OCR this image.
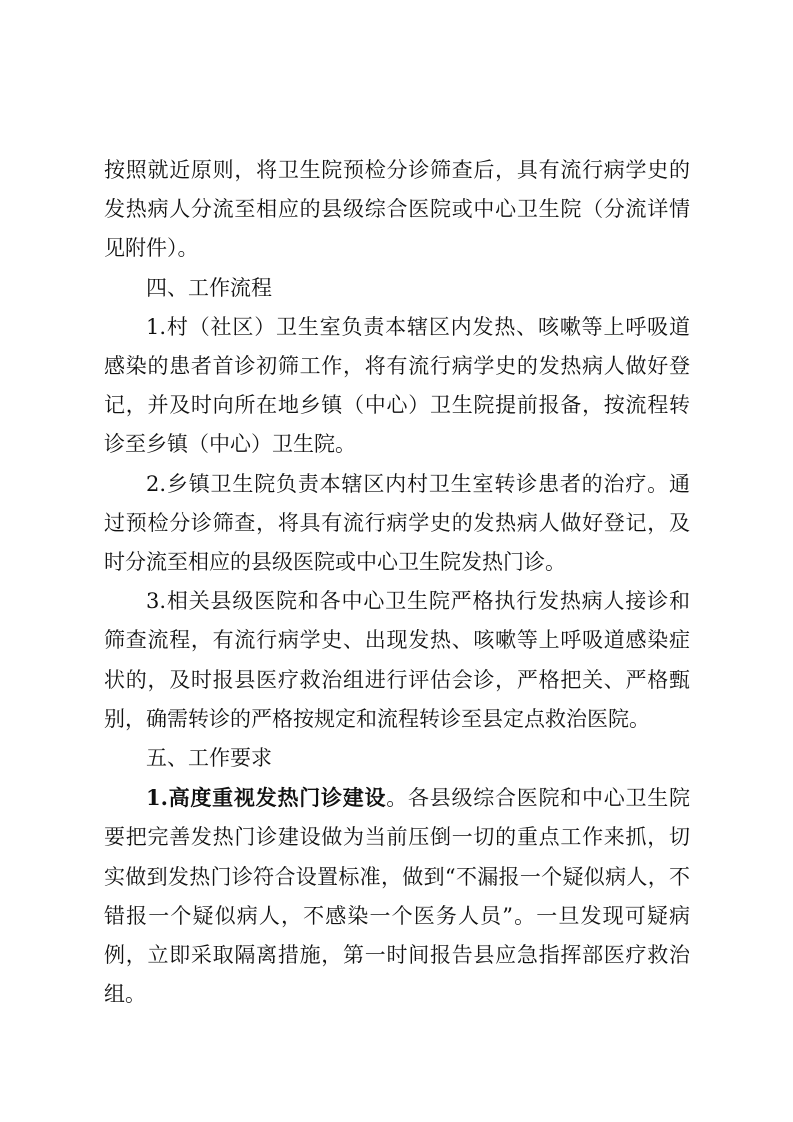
按照就近原则，将卫生院预检分诊筛查后，具有流行病学史的发热病人分流至相应的县级综合医院或中心卫生院（分流详情见附件）。

四、工作流程

1.村（社区）卫生室负责本辖区内发热、咳嗽等上呼吸道感染的患者首诊初筛工作，将有流行病学史的发热病人做好登记，并及时向所在地乡镇（中心）卫生院提前报备，按流程转诊至乡镇（中心）卫生院。

2.乡镇卫生院负责本辖区内村卫生室转诊患者的治疗。通过预检分诊筛查，将具有流行病学史的发热病人做好登记，及时分流至相应的县级医院或中心卫生院发热门诊。

3.相关县级医院和各中心卫生院严格执行发热病人接诊和筛查流程，有流行病学史、出现发热、咳嗽等上呼吸道感染症状的，及时报县医疗救治组进行评估会诊，严格把关、严格甄别，确需转诊的严格按规定和流程转诊至县定点救治医院。

五、工作要求

1.高度重视发热门诊建设。各县级综合医院和中心卫生院要把完善发热门诊建设做为当前压倒一切的重点工作来抓，切实做到发热门诊符合设置标准，做到“不漏报一个疑似病人，不错报一个疑似病人，不感染一个医务人员”。一旦发现可疑病例，立即采取隔离措施，第一时间报告县应急指挥部医疗救治组。
